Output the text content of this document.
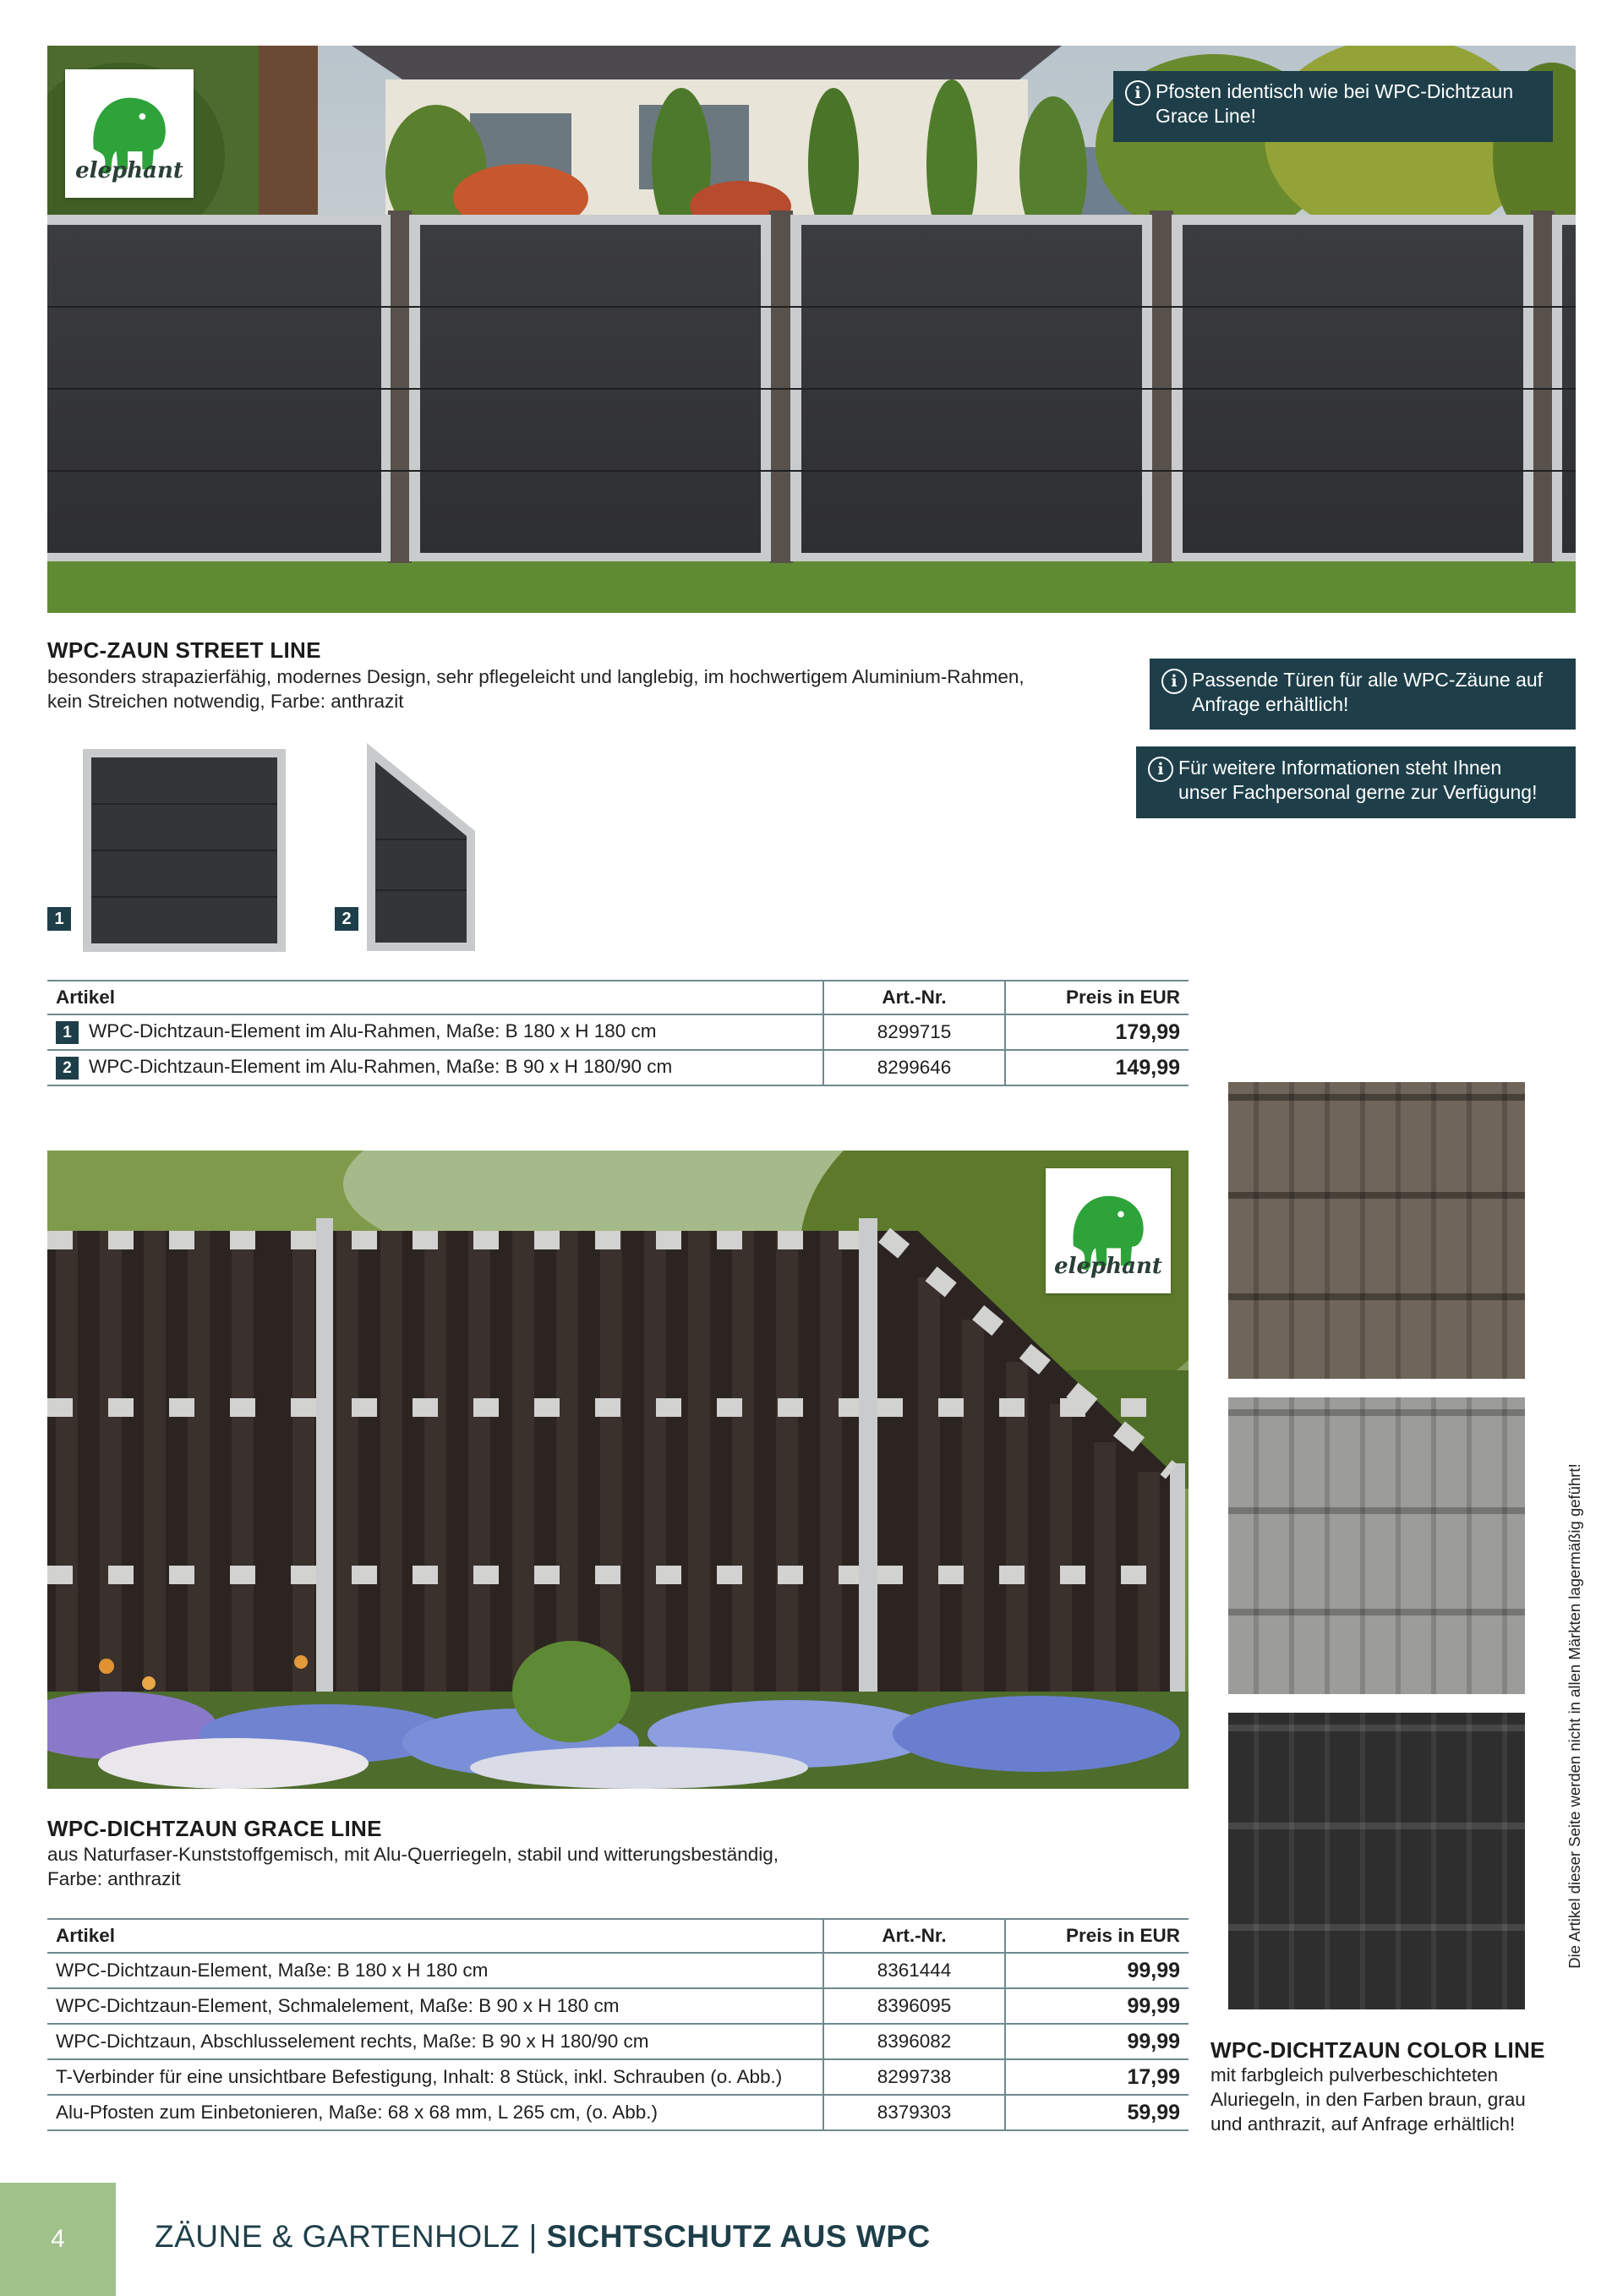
elephant
i Pfosten identisch wie bei WPC-Dichtzaun
Grace Line!
WPC-ZAUN STREET LINE
besonders strapazierfähig, modernes Design, sehr pflegeleicht und langlebig, im hochwertigem Aluminium-Rahmen,
kein Streichen notwendig, Farbe: anthrazit
i Passende Türen für alle WPC-Zäune auf
Anfrage erhältlich!
i Für weitere Informationen steht Ihnen
unser Fachpersonal gerne zur Verfügung!
1	2
Artikel	Art.-Nr.	Preis in EUR
1 WPC-Dichtzaun-Element im Alu-Rahmen, Maße: B 180 x H 180 cm	8299715	179,99
2 WPC-Dichtzaun-Element im Alu-Rahmen, Maße: B 90 x H 180/90 cm	8299646	149,99
elephant
WPC-DICHTZAUN GRACE LINE
aus Naturfaser-Kunststoffgemisch, mit Alu-Querriegeln, stabil und witterungsbeständig,
Farbe: anthrazit
Artikel	Art.-Nr.	Preis in EUR
WPC-Dichtzaun-Element, Maße: B 180 x H 180 cm	8361444	99,99
WPC-Dichtzaun-Element, Schmalelement, Maße: B 90 x H 180 cm	8396095	99,99
WPC-Dichtzaun, Abschlusselement rechts, Maße: B 90 x H 180/90 cm	8396082	99,99
T-Verbinder für eine unsichtbare Befestigung, Inhalt: 8 Stück, inkl. Schrauben (o. Abb.)	8299738	17,99
Alu-Pfosten zum Einbetonieren, Maße: 68 x 68 mm, L 265 cm, (o. Abb.)	8379303	59,99
WPC-DICHTZAUN COLOR LINE
mit farbgleich pulverbeschichteten
Aluriegeln, in den Farben braun, grau
und anthrazit, auf Anfrage erhältlich!
Die Artikel dieser Seite werden nicht in allen Märkten lagermäßig geführt!
4	ZÄUNE & GARTENHOLZ | SICHTSCHUTZ AUS WPC
